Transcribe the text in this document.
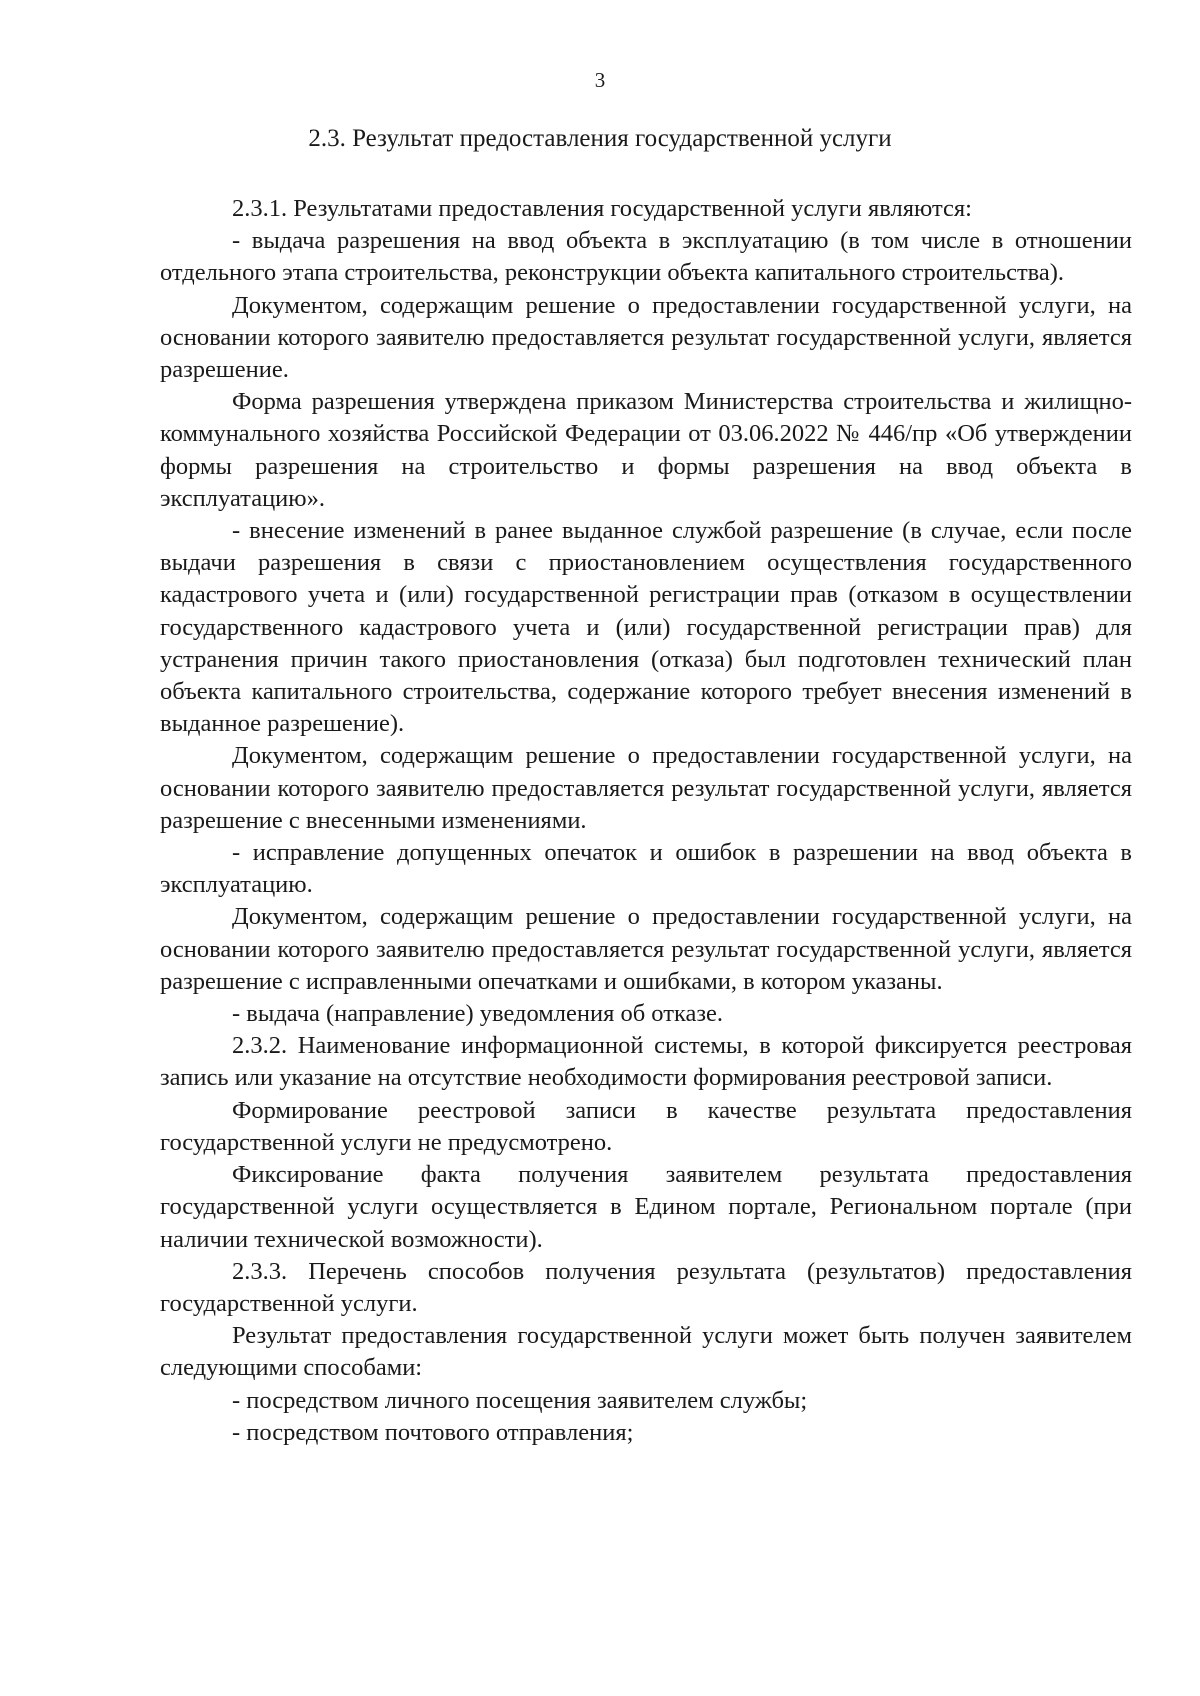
3
2.3. Результат предоставления государственной услуги

2.3.1. Результатами предоставления государственной услуги являются:

- выдача разрешения на ввод объекта в эксплуатацию (в том числе в отношении отдельного этапа строительства, реконструкции объекта капитального строительства).

Документом, содержащим решение о предоставлении государственной услуги, на основании которого заявителю предоставляется результат государственной услуги, является разрешение.

Форма разрешения утверждена приказом Министерства строительства и жилищно-коммунального хозяйства Российской Федерации от 03.06.2022 № 446/пр «Об утверждении формы разрешения на строительство и формы разрешения на ввод объекта в эксплуатацию».

- внесение изменений в ранее выданное службой разрешение (в случае, если после выдачи разрешения в связи с приостановлением осуществления государственного кадастрового учета и (или) государственной регистрации прав (отказом в осуществлении государственного кадастрового учета и (или) государственной регистрации прав) для устранения причин такого приостановления (отказа) был подготовлен технический план объекта капитального строительства, содержание которого требует внесения изменений в выданное разрешение).

Документом, содержащим решение о предоставлении государственной услуги, на основании которого заявителю предоставляется результат государственной услуги, является разрешение с внесенными изменениями.

- исправление допущенных опечаток и ошибок в разрешении на ввод объекта в эксплуатацию.

Документом, содержащим решение о предоставлении государственной услуги, на основании которого заявителю предоставляется результат государственной услуги, является разрешение с исправленными опечатками и ошибками, в котором указаны.

- выдача (направление) уведомления об отказе.

2.3.2. Наименование информационной системы, в которой фиксируется реестровая запись или указание на отсутствие необходимости формирования реестровой записи.

Формирование реестровой записи в качестве результата предоставления государственной услуги не предусмотрено.

Фиксирование факта получения заявителем результата предоставления государственной услуги осуществляется в Едином портале, Региональном портале (при наличии технической возможности).

2.3.3. Перечень способов получения результата (результатов) предоставления государственной услуги.

Результат предоставления государственной услуги может быть получен заявителем следующими способами:

- посредством личного посещения заявителем службы;

- посредством почтового отправления;
